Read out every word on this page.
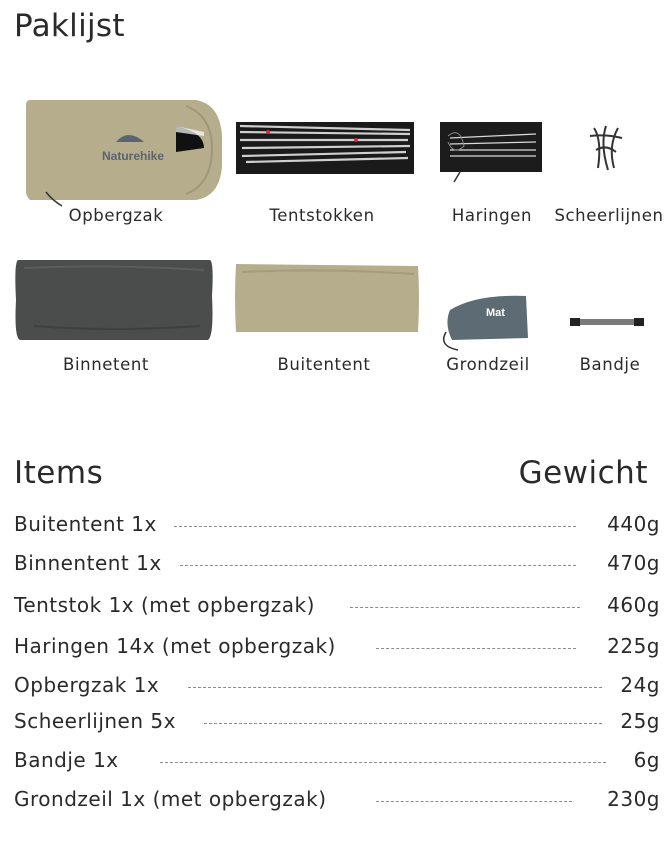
Paklijst
Naturehike
Opbergzak	Tentstokken	Haringen	Scheerlijnen
Mat
Binnetent	Buitentent	Grondzeil	Bandje
Items	Gewicht
Buitentent 1x	440g
Binnentent 1x	470g
Tentstok 1x (met opbergzak)	460g
Haringen 14x (met opbergzak)	225g
Opbergzak 1x	24g
Scheerlijnen 5x	25g
Bandje 1x	6g
Grondzeil 1x (met opbergzak)	230g
